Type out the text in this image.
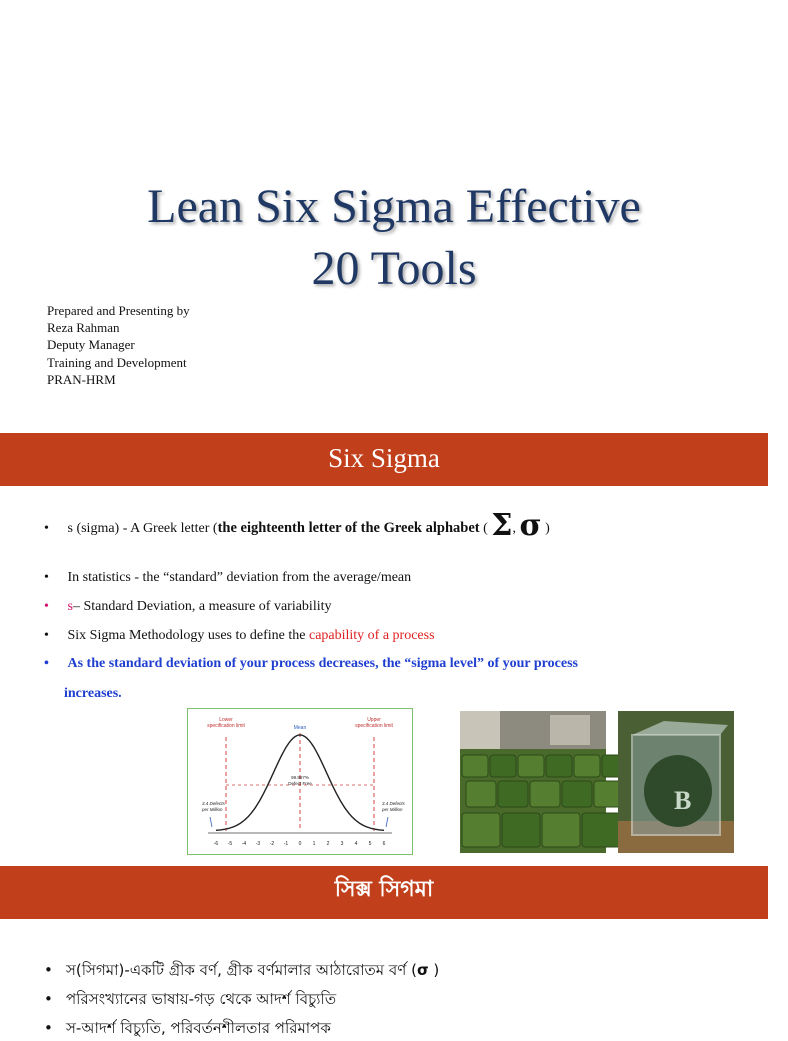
Lean Six Sigma Effective
20 Tools
Prepared and Presenting by
Reza Rahman
Deputy Manager
Training and Development
PRAN-HRM
Six Sigma
• s (sigma) - A Greek letter (the eighteenth letter of the Greek alphabet ( Σ, σ )
• In statistics - the “standard” deviation from the average/mean
• s– Standard Deviation, a measure of variability
• Six Sigma Methodology uses to define the capability of a process
• As the standard deviation of your process decreases, the “sigma level” of your process
increases.
Lower
specification limit	Mean
Upper
specification limit
99.997%
Defect Free
3.4 Defects
per Million
3.4 Defects
per Million
-6 -5 -4 -3 -2 -1 0 1 2 3 4 5 6
B
সিক্স সিগমা
• স(সিগমা)-একটি গ্রীক বর্ণ, গ্রীক বর্ণমালার আঠারোতম বর্ণ (σ )
• পরিসংখ্যানের ভাষায়-গড় থেকে আদর্শ বিচ্যুতি
• স-আদর্শ বিচ্যুতি, পরিবর্তনশীলতার পরিমাপক
